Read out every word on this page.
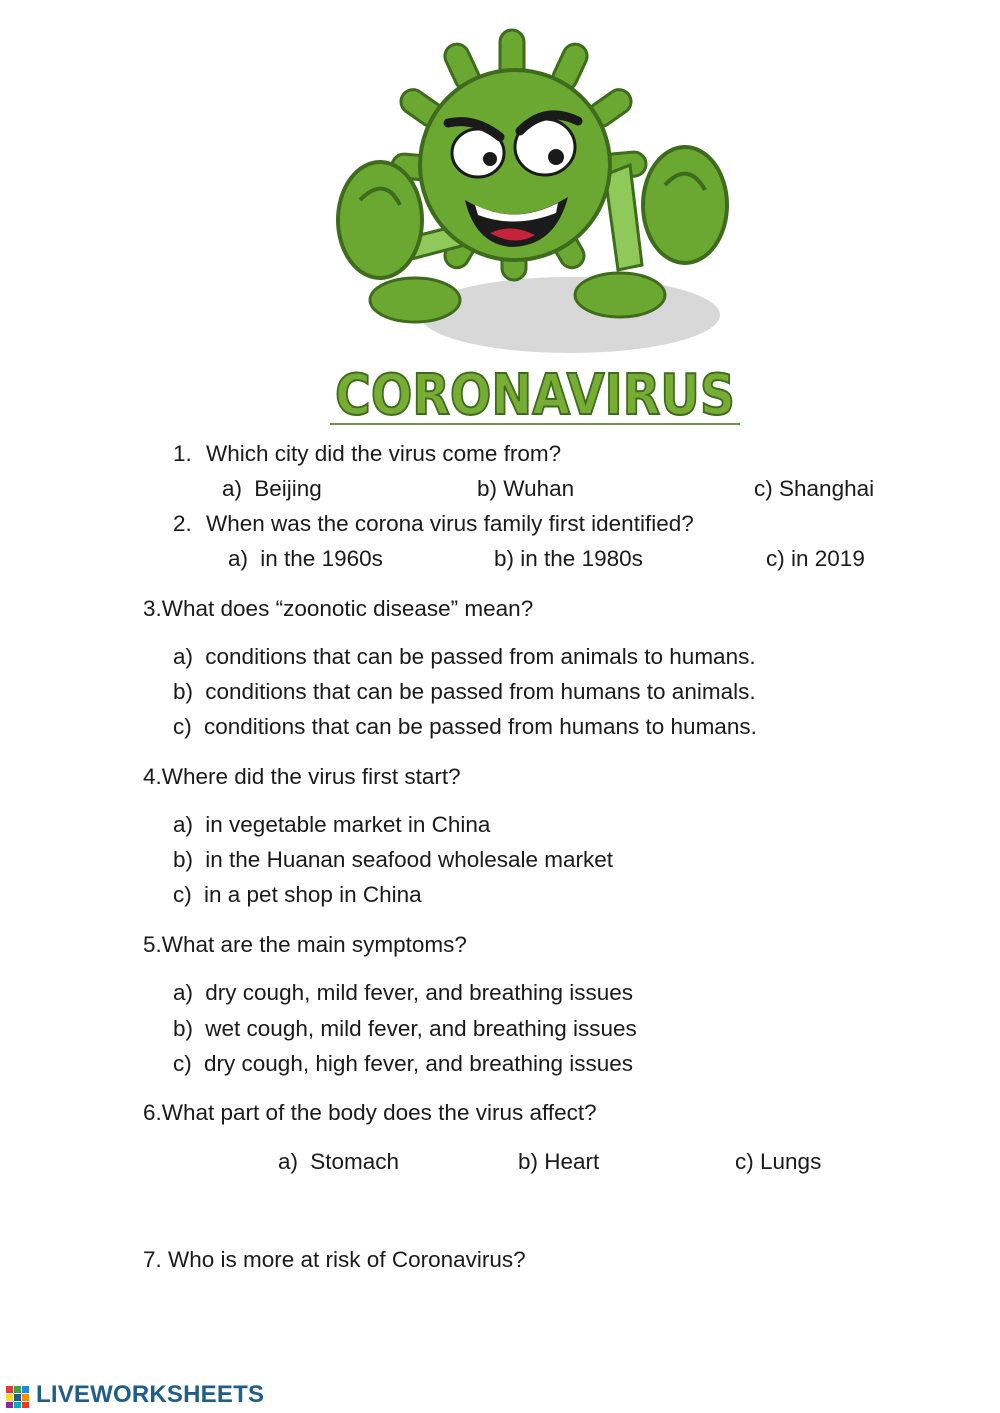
CORONAVIRUS
1. Which city did the virus come from?
a) Beijing	b) Wuhan	c) Shanghai
2. When was the corona virus family first identified?
a) in the 1960s	b) in the 1980s	c) in 2019
3.What does “zoonotic disease” mean?
a) conditions that can be passed from animals to humans.
b) conditions that can be passed from humans to animals.
c) conditions that can be passed from humans to humans.
4.Where did the virus first start?
a) in vegetable market in China
b) in the Huanan seafood wholesale market
c) in a pet shop in China
5.What are the main symptoms?
a) dry cough, mild fever, and breathing issues
b) wet cough, mild fever, and breathing issues
c) dry cough, high fever, and breathing issues
6.What part of the body does the virus affect?
a) Stomach	b) Heart	c) Lungs
7. Who is more at risk of Coronavirus?
LIVEWORKSHEETS
